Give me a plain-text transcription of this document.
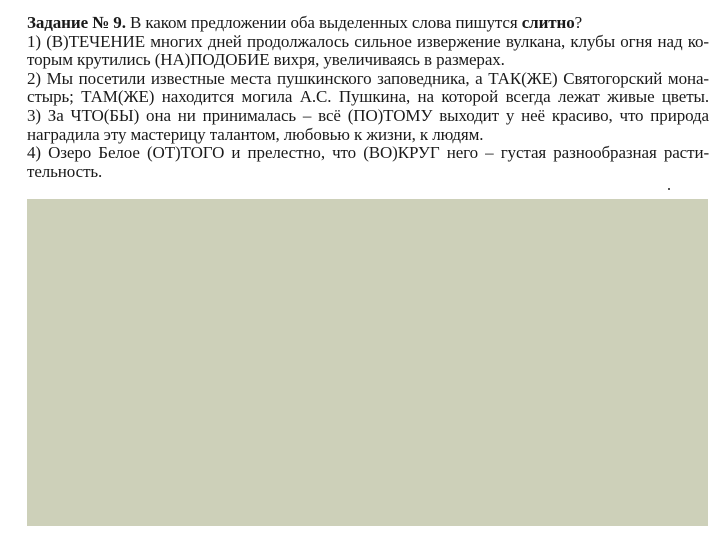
Задание № 9. В каком предложении оба выделенных слова пишутся слитно?
1) (В)ТЕЧЕНИЕ многих дней продолжалось сильное извержение вулкана, клубы огня над ко-
торым крутились (НА)ПОДОБИЕ вихря, увеличиваясь в размерах.
2) Мы посетили известные места пушкинского заповедника, а ТАК(ЖЕ) Святогорский мона-
стырь; ТАМ(ЖЕ) находится могила А.С. Пушкина, на которой всегда лежат живые цветы.
3) За ЧТО(БЫ) она ни принималась – всё (ПО)ТОМУ выходит у неё красиво, что природа
наградила эту мастерицу талантом, любовью к жизни, к людям.
4) Озеро Белое (ОТ)ТОГО и прелестно, что (ВО)КРУГ него – густая разнообразная расти-
тельность.
